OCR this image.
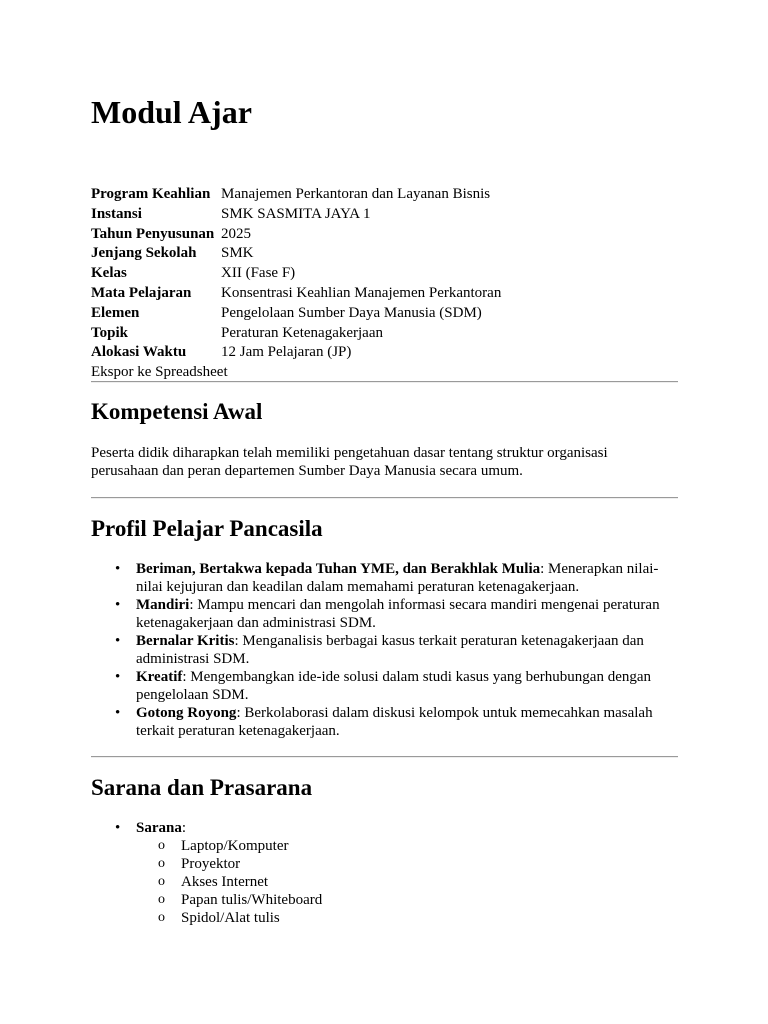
Modul Ajar
Program Keahlian	Manajemen Perkantoran dan Layanan Bisnis
Instansi	SMK SASMITA JAYA 1
Tahun Penyusunan	2025
Jenjang Sekolah	SMK
Kelas	XII (Fase F)
Mata Pelajaran	Konsentrasi Keahlian Manajemen Perkantoran
Elemen	Pengelolaan Sumber Daya Manusia (SDM)
Topik	Peraturan Ketenagakerjaan
Alokasi Waktu	12 Jam Pelajaran (JP)
Ekspor ke Spreadsheet
Kompetensi Awal

Peserta didik diharapkan telah memiliki pengetahuan dasar tentang struktur organisasi perusahaan dan peran departemen Sumber Daya Manusia secara umum.

Profil Pelajar Pancasila
• Beriman, Bertakwa kepada Tuhan YME, dan Berakhlak Mulia: Menerapkan nilai-nilai kejujuran dan keadilan dalam memahami peraturan ketenagakerjaan.
• Mandiri: Mampu mencari dan mengolah informasi secara mandiri mengenai peraturan ketenagakerjaan dan administrasi SDM.
• Bernalar Kritis: Menganalisis berbagai kasus terkait peraturan ketenagakerjaan dan administrasi SDM.
• Kreatif: Mengembangkan ide-ide solusi dalam studi kasus yang berhubungan dengan pengelolaan SDM.
• Gotong Royong: Berkolaborasi dalam diskusi kelompok untuk memecahkan masalah terkait peraturan ketenagakerjaan.
Sarana dan Prasarana
• Sarana:
o Laptop/Komputer
o Proyektor
o Akses Internet
o Papan tulis/Whiteboard
o Spidol/Alat tulis
